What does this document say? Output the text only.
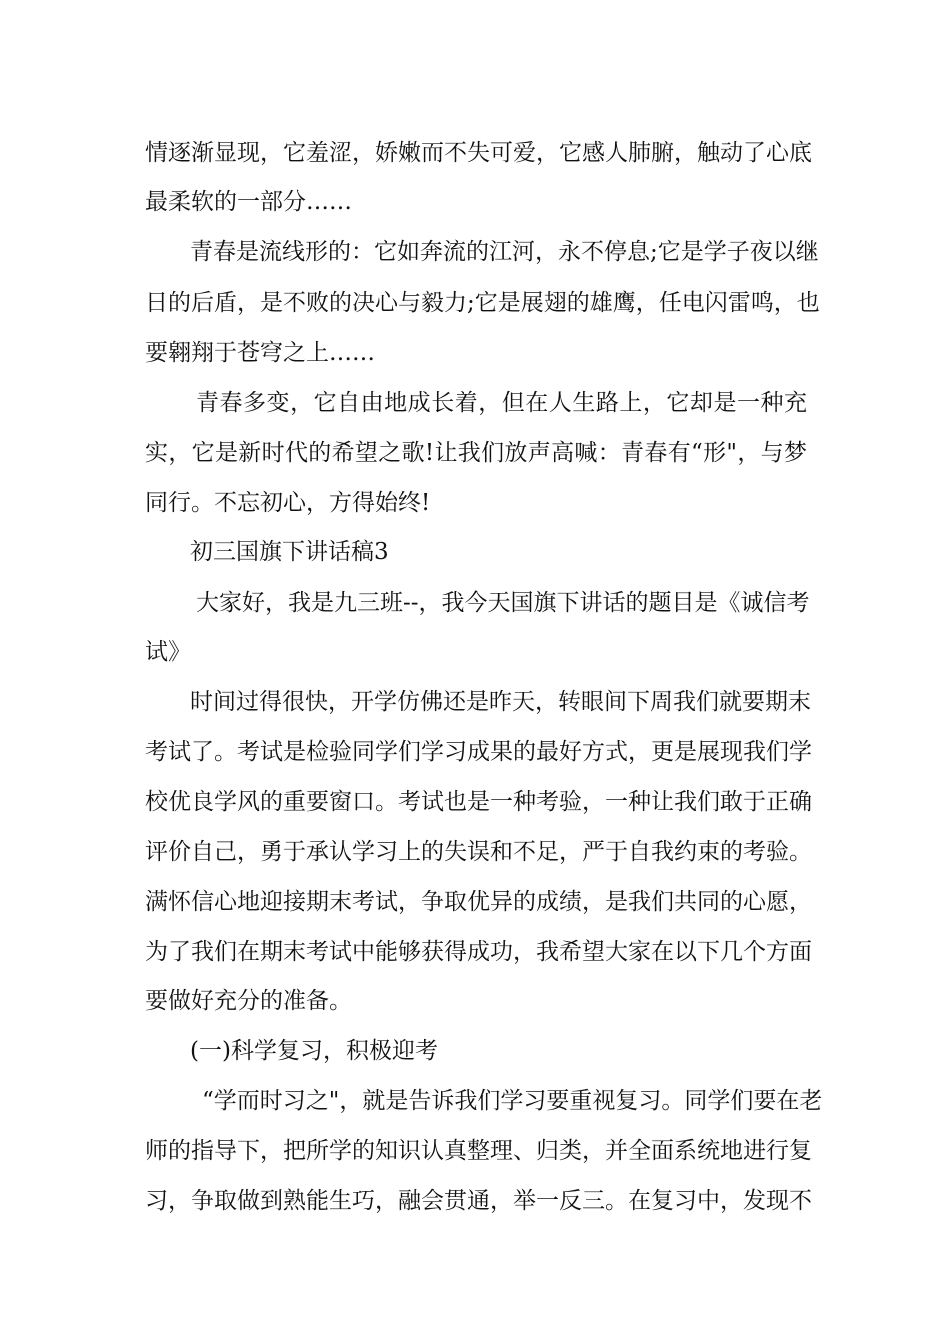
情逐渐显现，它羞涩，娇嫩而不失可爱，它感人肺腑，触动了心底
最柔软的一部分……
青春是流线形的：它如奔流的江河，永不停息;它是学子夜以继
日的后盾，是不败的决心与毅力;它是展翅的雄鹰，任电闪雷鸣，也
要翱翔于苍穹之上……
青春多变，它自由地成长着，但在人生路上，它却是一种充
实，它是新时代的希望之歌!让我们放声高喊：青春有“形"，与梦
同行。不忘初心，方得始终!
初三国旗下讲话稿3
大家好，我是九三班--，我今天国旗下讲话的题目是《诚信考
试》
时间过得很快，开学仿佛还是昨天，转眼间下周我们就要期末
考试了。考试是检验同学们学习成果的最好方式，更是展现我们学
校优良学风的重要窗口。考试也是一种考验，一种让我们敢于正确
评价自己，勇于承认学习上的失误和不足，严于自我约束的考验。
满怀信心地迎接期末考试，争取优异的成绩，是我们共同的心愿，
为了我们在期末考试中能够获得成功，我希望大家在以下几个方面
要做好充分的准备。
(一)科学复习，积极迎考
“学而时习之"，就是告诉我们学习要重视复习。同学们要在老
师的指导下，把所学的知识认真整理、归类，并全面系统地进行复
习，争取做到熟能生巧，融会贯通，举一反三。在复习中，发现不
